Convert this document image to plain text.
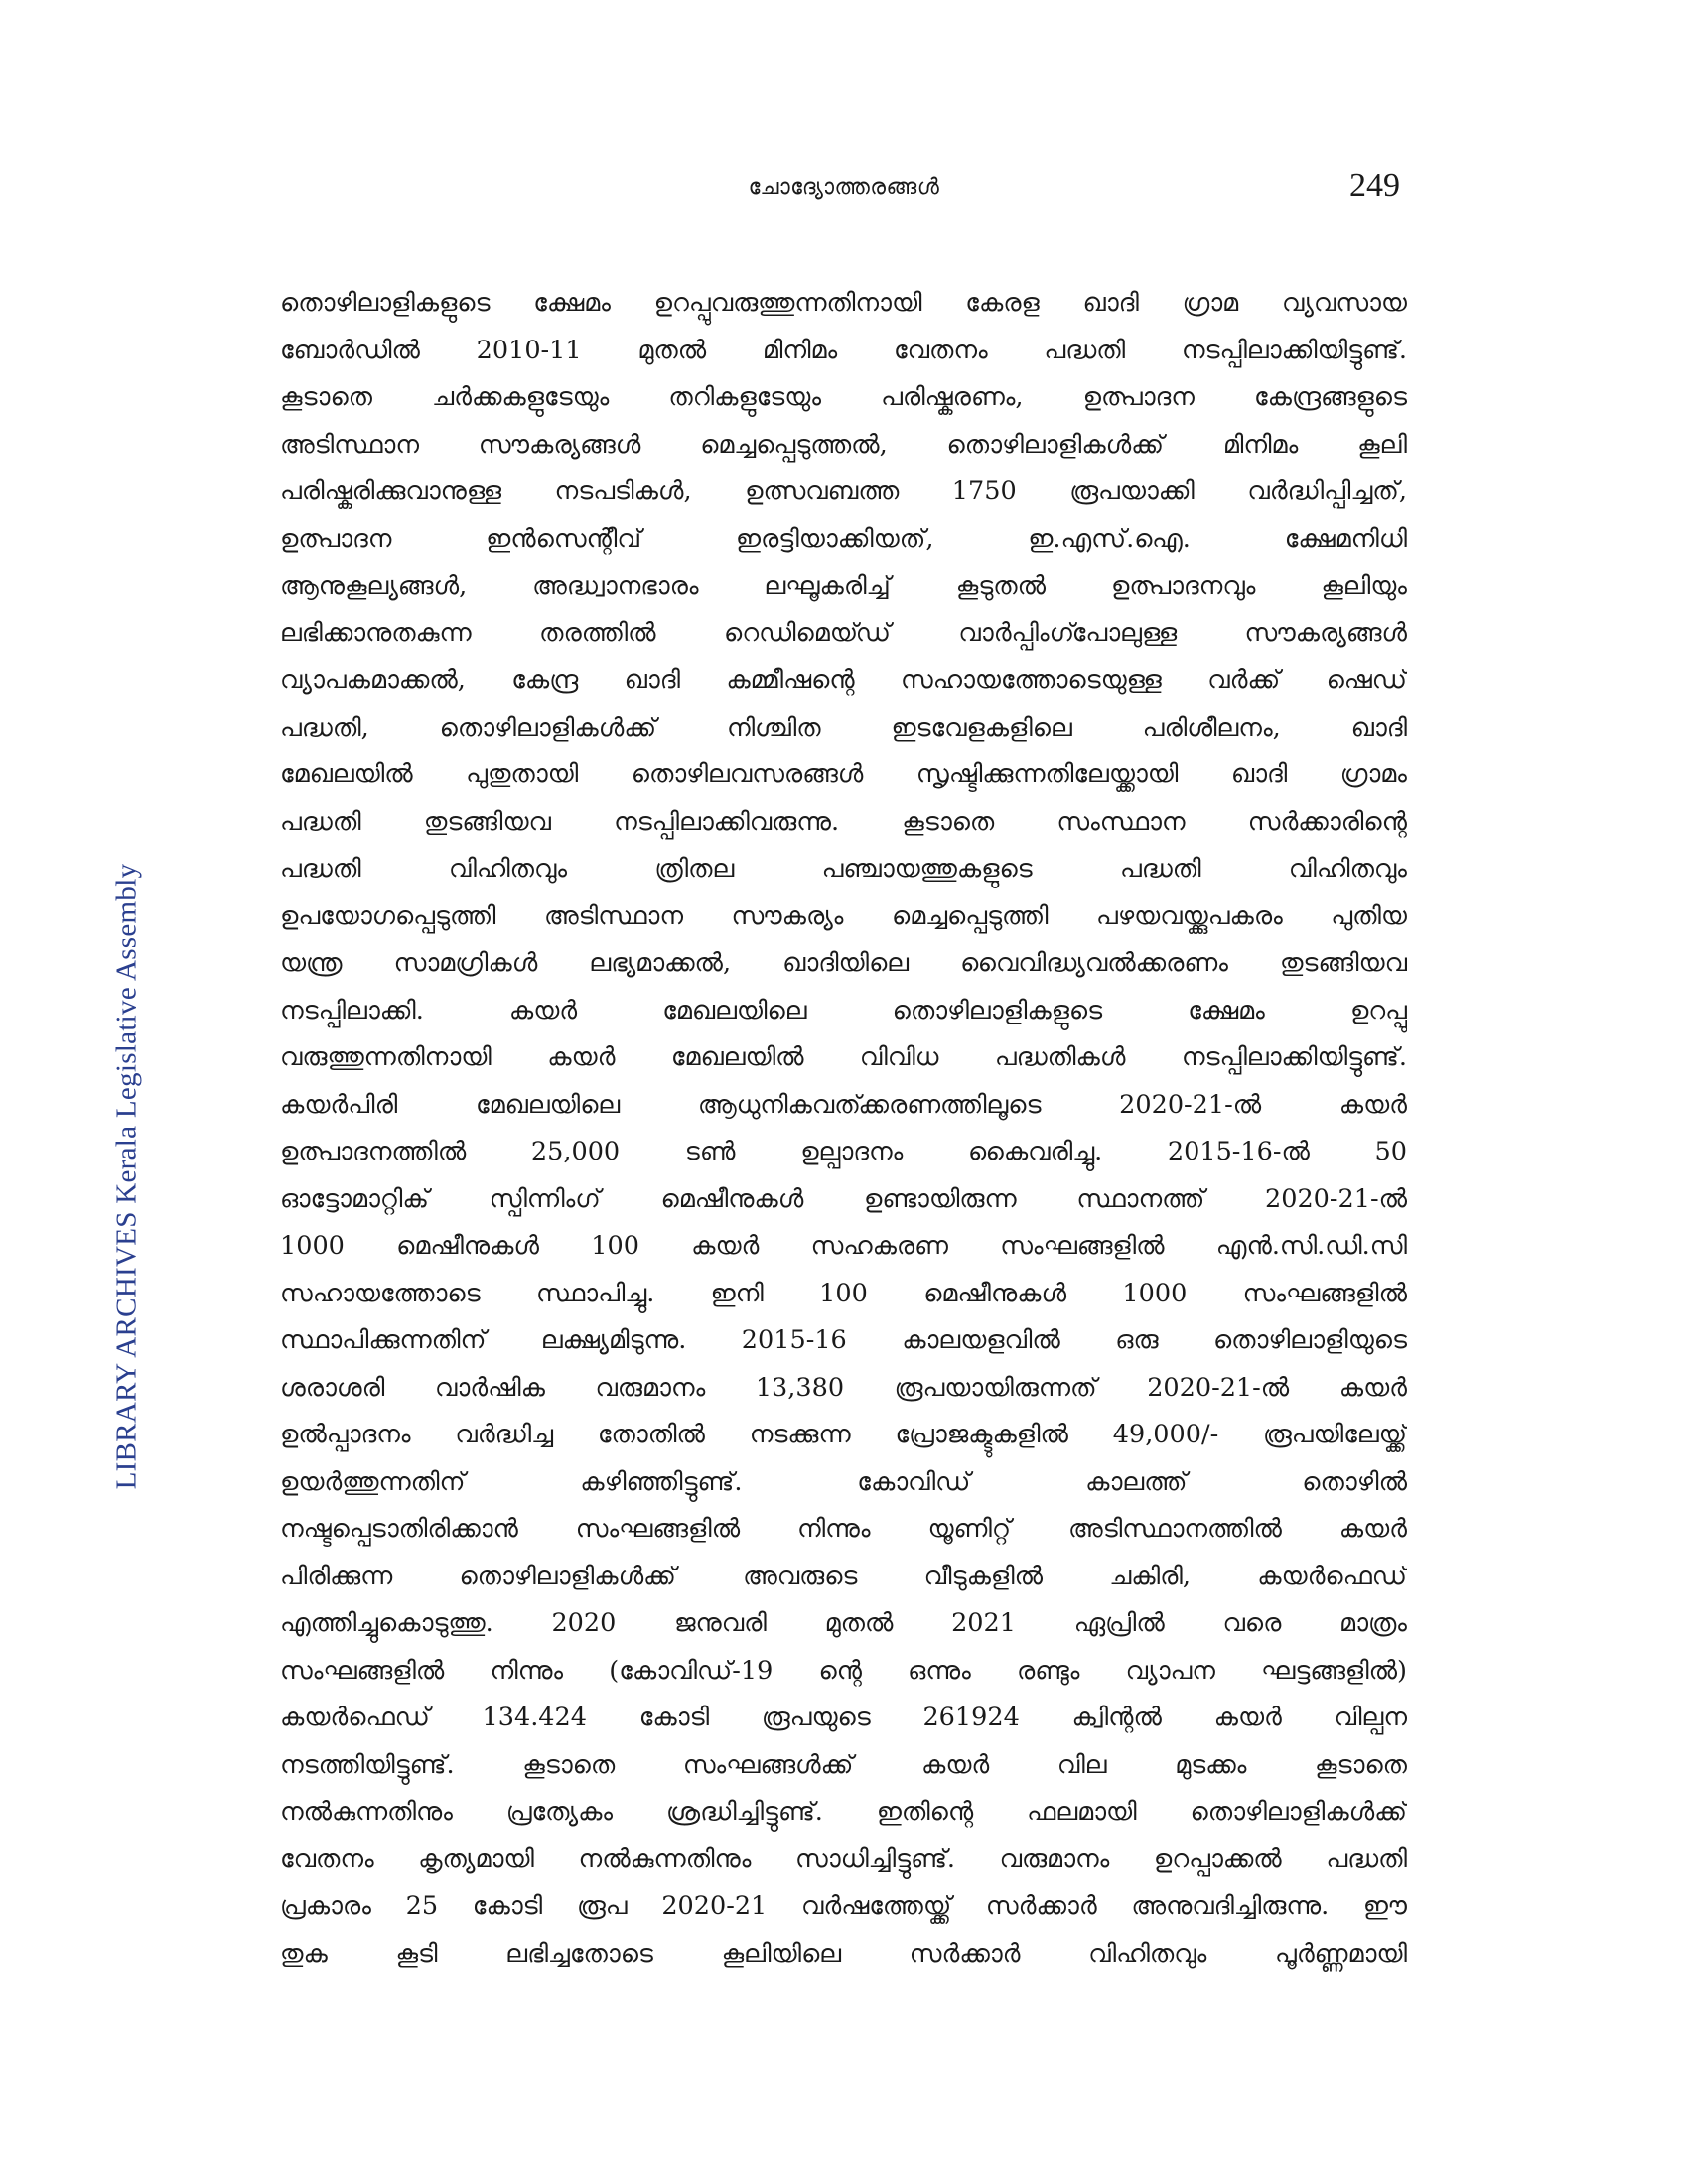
ചോദ്യോത്തരങ്ങൾ	249
LIBRARY ARCHIVES Kerala Legislative Assembly
തൊഴിലാളികളുടെ ക്ഷേമം ഉറപ്പുവരുത്തുന്നതിനായി കേരള ഖാദി ഗ്രാമ വ്യവസായ
ബോർഡിൽ 2010-11 മുതൽ മിനിമം വേതനം പദ്ധതി നടപ്പിലാക്കിയിട്ടുണ്ട്.
കൂടാതെ ചർക്കകളുടേയും തറികളുടേയും പരിഷ്കരണം, ഉത്പാദന കേന്ദ്രങ്ങളുടെ
അടിസ്ഥാന സൗകര്യങ്ങൾ മെച്ചപ്പെടുത്തൽ, തൊഴിലാളികൾക്ക് മിനിമം കൂലി
പരിഷ്കരിക്കുവാനുള്ള നടപടികൾ, ഉത്സവബത്ത 1750 രൂപയാക്കി വർദ്ധിപ്പിച്ചത്,
ഉത്പാദന ഇൻസെന്റീവ് ഇരട്ടിയാക്കിയത്, ഇ.എസ്.ഐ. ക്ഷേമനിധി
ആനുകൂല്യങ്ങൾ, അദ്ധ്വാനഭാരം ലഘൂകരിച്ച് കൂടുതൽ ഉത്പാദനവും കൂലിയും
ലഭിക്കാനുതകുന്ന തരത്തിൽ റെഡിമെയ്ഡ് വാർപ്പിംഗ്പോലുള്ള സൗകര്യങ്ങൾ
വ്യാപകമാക്കൽ, കേന്ദ്ര ഖാദി കമ്മീഷന്റെ സഹായത്തോടെയുള്ള വർക്ക് ഷെഡ്
പദ്ധതി, തൊഴിലാളികൾക്ക് നിശ്ചിത ഇടവേളകളിലെ പരിശീലനം, ഖാദി
മേഖലയിൽ പുതുതായി തൊഴിലവസരങ്ങൾ സൃഷ്ടിക്കുന്നതിലേയ്ക്കായി ഖാദി ഗ്രാമം
പദ്ധതി തുടങ്ങിയവ നടപ്പിലാക്കിവരുന്നു. കൂടാതെ സംസ്ഥാന സർക്കാരിന്റെ
പദ്ധതി വിഹിതവും ത്രിതല പഞ്ചായത്തുകളുടെ പദ്ധതി വിഹിതവും
ഉപയോഗപ്പെടുത്തി അടിസ്ഥാന സൗകര്യം മെച്ചപ്പെടുത്തി പഴയവയ്ക്കുപകരം പുതിയ
യന്ത്ര സാമഗ്രികൾ ലഭ്യമാക്കൽ, ഖാദിയിലെ വൈവിദ്ധ്യവൽക്കരണം തുടങ്ങിയവ
നടപ്പിലാക്കി. കയർ മേഖലയിലെ തൊഴിലാളികളുടെ ക്ഷേമം ഉറപ്പു
വരുത്തുന്നതിനായി കയർ മേഖലയിൽ വിവിധ പദ്ധതികൾ നടപ്പിലാക്കിയിട്ടുണ്ട്.
കയർപിരി മേഖലയിലെ ആധുനികവത്ക്കരണത്തിലൂടെ 2020-21-ൽ കയർ
ഉത്പാദനത്തിൽ 25,000 ടൺ ഉല്പാദനം കൈവരിച്ചു. 2015-16-ൽ 50
ഓട്ടോമാറ്റിക് സ്പിന്നിംഗ് മെഷീനുകൾ ഉണ്ടായിരുന്ന സ്ഥാനത്ത് 2020-21-ൽ
1000 മെഷീനുകൾ 100 കയർ സഹകരണ സംഘങ്ങളിൽ എൻ.സി.ഡി.സി
സഹായത്തോടെ സ്ഥാപിച്ചു. ഇനി 100 മെഷീനുകൾ 1000 സംഘങ്ങളിൽ
സ്ഥാപിക്കുന്നതിന് ലക്ഷ്യമിടുന്നു. 2015-16 കാലയളവിൽ ഒരു തൊഴിലാളിയുടെ
ശരാശരി വാർഷിക വരുമാനം 13,380 രൂപയായിരുന്നത് 2020-21-ൽ കയർ
ഉൽപ്പാദനം വർദ്ധിച്ച തോതിൽ നടക്കുന്ന പ്രോജക്ടുകളിൽ 49,000/- രൂപയിലേയ്ക്ക്
ഉയർത്തുന്നതിന് കഴിഞ്ഞിട്ടുണ്ട്. കോവിഡ് കാലത്ത് തൊഴിൽ
നഷ്ടപ്പെടാതിരിക്കാൻ സംഘങ്ങളിൽ നിന്നും യൂണിറ്റ് അടിസ്ഥാനത്തിൽ കയർ
പിരിക്കുന്ന തൊഴിലാളികൾക്ക് അവരുടെ വീടുകളിൽ ചകിരി, കയർഫെഡ്
എത്തിച്ചുകൊടുത്തു. 2020 ജനുവരി മുതൽ 2021 ഏപ്രിൽ വരെ മാത്രം
സംഘങ്ങളിൽ നിന്നും (കോവിഡ്-19 ന്റെ ഒന്നും രണ്ടും വ്യാപന ഘട്ടങ്ങളിൽ)
കയർഫെഡ് 134.424 കോടി രൂപയുടെ 261924 ക്വിന്റൽ കയർ വില്പന
നടത്തിയിട്ടുണ്ട്. കൂടാതെ സംഘങ്ങൾക്ക് കയർ വില മുടക്കം കൂടാതെ
നൽകുന്നതിനും പ്രത്യേകം ശ്രദ്ധിച്ചിട്ടുണ്ട്. ഇതിന്റെ ഫലമായി തൊഴിലാളികൾക്ക്
വേതനം കൃത്യമായി നൽകുന്നതിനും സാധിച്ചിട്ടുണ്ട്. വരുമാനം ഉറപ്പാക്കൽ പദ്ധതി
പ്രകാരം 25 കോടി രൂപ 2020-21 വർഷത്തേയ്ക്ക് സർക്കാർ അനുവദിച്ചിരുന്നു. ഈ
തുക കൂടി ലഭിച്ചതോടെ കൂലിയിലെ സർക്കാർ വിഹിതവും പൂർണ്ണമായി
